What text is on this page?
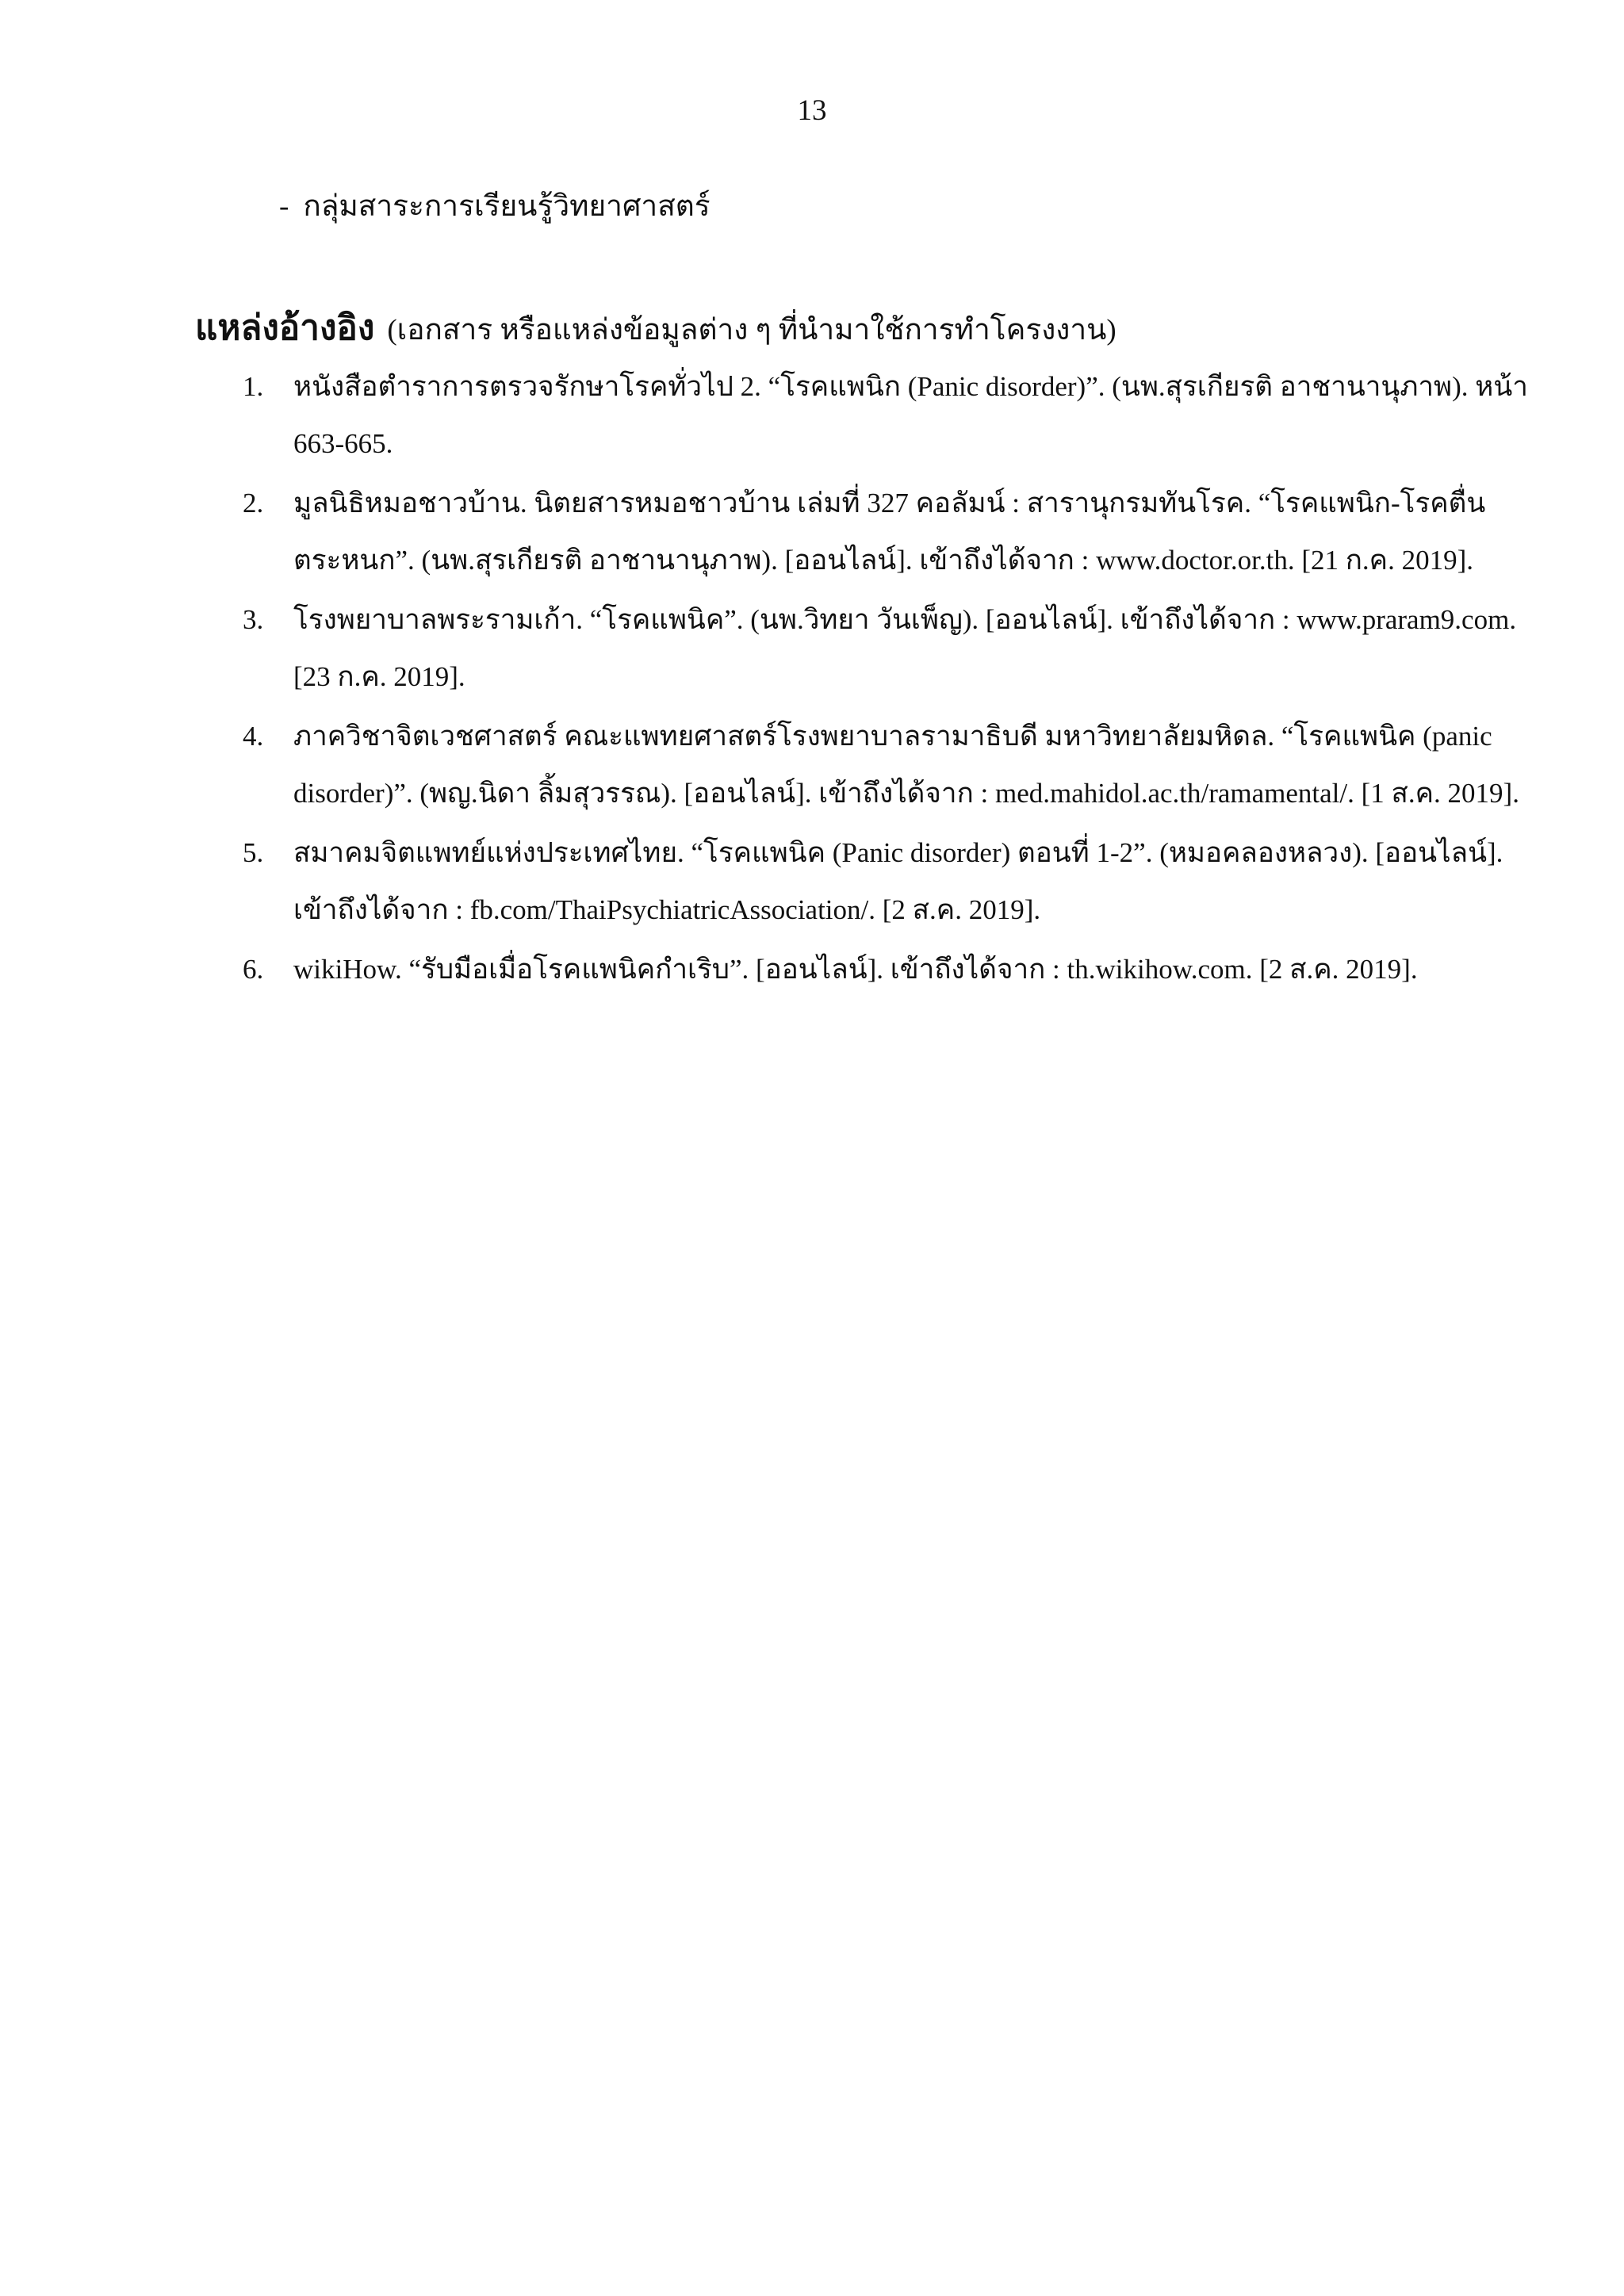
13
- กลุ่มสาระการเรียนรู้วิทยาศาสตร์
แหล่งอ้างอิง (เอกสาร หรือแหล่งข้อมูลต่าง ๆ ที่นำมาใช้การทำโครงงาน)
1. หนังสือตำราการตรวจรักษาโรคทั่วไป 2. “โรคแพนิก (Panic disorder)”. (นพ.สุรเกียรติ อาชานานุภาพ). หน้า 663-665.
2. มูลนิธิหมอชาวบ้าน. นิตยสารหมอชาวบ้าน เล่มที่ 327 คอลัมน์ : สารานุกรมทันโรค. “โรคแพนิก-โรคตื่นตระหนก”. (นพ.สุรเกียรติ อาชานานุภาพ). [ออนไลน์]. เข้าถึงได้จาก : www.doctor.or.th. [21 ก.ค. 2019].
3. โรงพยาบาลพระรามเก้า. “โรคแพนิค”. (นพ.วิทยา วันเพ็ญ). [ออนไลน์]. เข้าถึงได้จาก : www.praram9.com. [23 ก.ค. 2019].
4. ภาควิชาจิตเวชศาสตร์ คณะแพทยศาสตร์โรงพยาบาลรามาธิบดี มหาวิทยาลัยมหิดล. “โรคแพนิค (panic disorder)”. (พญ.นิดา ลิ้มสุวรรณ). [ออนไลน์]. เข้าถึงได้จาก : med.mahidol.ac.th/ramamental/. [1 ส.ค. 2019].
5. สมาคมจิตแพทย์แห่งประเทศไทย. “โรคแพนิค (Panic disorder) ตอนที่ 1-2”. (หมอคลองหลวง). [ออนไลน์]. เข้าถึงได้จาก : fb.com/ThaiPsychiatricAssociation/. [2 ส.ค. 2019].
6. wikiHow. “รับมือเมื่อโรคแพนิคกำเริบ”. [ออนไลน์]. เข้าถึงได้จาก : th.wikihow.com. [2 ส.ค. 2019].
